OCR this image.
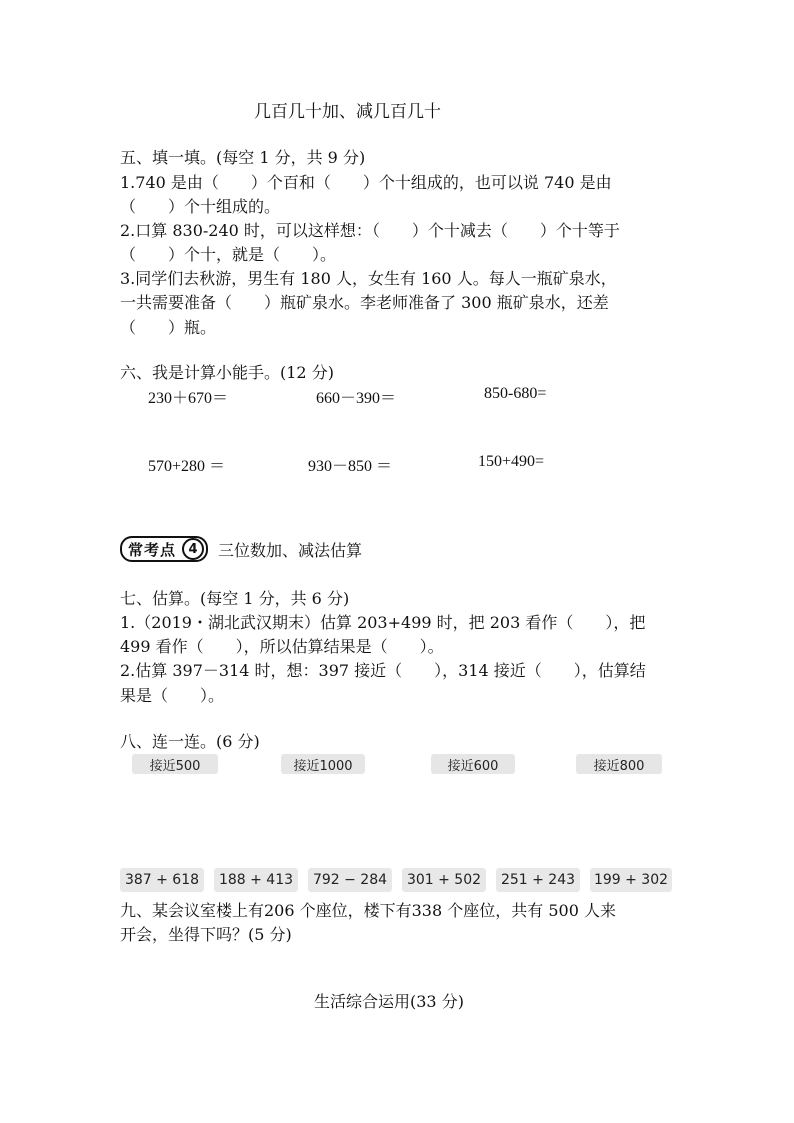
几百几十加、减几百几十
五、填一填。(每空 1 分，共 9 分)
1.740 是由（　　）个百和（　　）个十组成的，也可以说 740 是由
（　　）个十组成的。
2.口算 830-240 时，可以这样想：（　　）个十减去（　　）个十等于
（　　）个十，就是（　　）。
3.同学们去秋游，男生有 180 人，女生有 160 人。每人一瓶矿泉水，
一共需要准备（　　）瓶矿泉水。李老师准备了 300 瓶矿泉水，还差
（　　）瓶。
六、我是计算小能手。(12 分)
230＋670＝	660－390＝	850-680=
570+280 ＝	930－850 ＝	150+490=
常考点 4	三位数加、减法估算
七、估算。(每空 1 分，共 6 分)
1.（2019・湖北武汉期末）估算 203+499 时，把 203 看作（　　），把
499 看作（　　），所以估算结果是（　　）。
2.估算 397－314 时，想：397 接近（　　），314 接近（　　），估算结
果是（　　）。
八、连一连。(6 分)
接近500	接近1000	接近600	接近800
387 + 618	188 + 413	792 − 284	301 + 502	251 + 243	199 + 302
九、某会议室楼上有206 个座位，楼下有338 个座位，共有 500 人来
开会，坐得下吗？(5 分)
生活综合运用(33 分)
